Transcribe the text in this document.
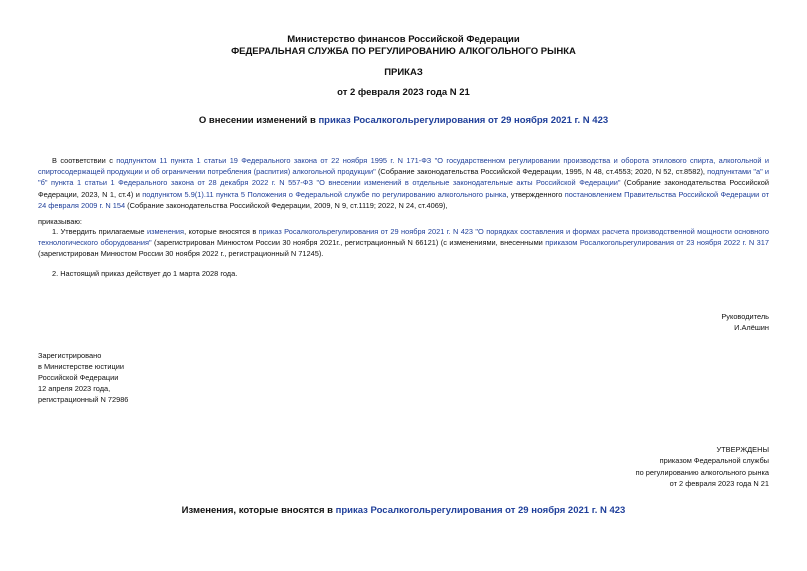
Министерство финансов Российской Федерации
ФЕДЕРАЛЬНАЯ СЛУЖБА ПО РЕГУЛИРОВАНИЮ АЛКОГОЛЬНОГО РЫНКА
ПРИКАЗ
от 2 февраля 2023 года N 21
О внесении изменений в приказ Росалкогольрегулирования от 29 ноября 2021 г. N 423
В соответствии с подпунктом 11 пункта 1 статьи 19 Федерального закона от 22 ноября 1995 г. N 171-ФЗ "О государственном регулировании производства и оборота этилового спирта, алкогольной и спиртосодержащей продукции и об ограничении потребления (распития) алкогольной продукции" (Собрание законодательства Российской Федерации, 1995, N 48, ст.4553; 2020, N 52, ст.8582), подпунктами "а" и "б" пункта 1 статьи 1 Федерального закона от 28 декабря 2022 г. N 557-ФЗ "О внесении изменений в отдельные законодательные акты Российской Федерации" (Собрание законодательства Российской Федерации, 2023, N 1, ст.4) и подпунктом 5.9(1).11 пункта 5 Положения о Федеральной службе по регулированию алкогольного рынка, утвержденного постановлением Правительства Российской Федерации от 24 февраля 2009 г. N 154 (Собрание законодательства Российской Федерации, 2009, N 9, ст.1119; 2022, N 24, ст.4069),
приказываю:
1. Утвердить прилагаемые изменения, которые вносятся в приказ Росалкогольрегулирования от 29 ноября 2021 г. N 423 "О порядках составления и формах расчета производственной мощности основного технологического оборудования" (зарегистрирован Минюстом России 30 ноября 2021г., регистрационный N 66121) (с изменениями, внесенными приказом Росалкогольрегулирования от 23 ноября 2022 г. N 317 (зарегистрирован Минюстом России 30 ноября 2022 г., регистрационный N 71245).
2. Настоящий приказ действует до 1 марта 2028 года.
Руководитель
И.Алёшин
Зарегистрировано
в Министерстве юстиции
Российской Федерации
12 апреля 2023 года,
регистрационный N 72986
УТВЕРЖДЕНЫ
приказом Федеральной службы
по регулированию алкогольного рынка
от 2 февраля 2023 года N 21
Изменения, которые вносятся в приказ Росалкогольрегулирования от 29 ноября 2021 г. N 423
